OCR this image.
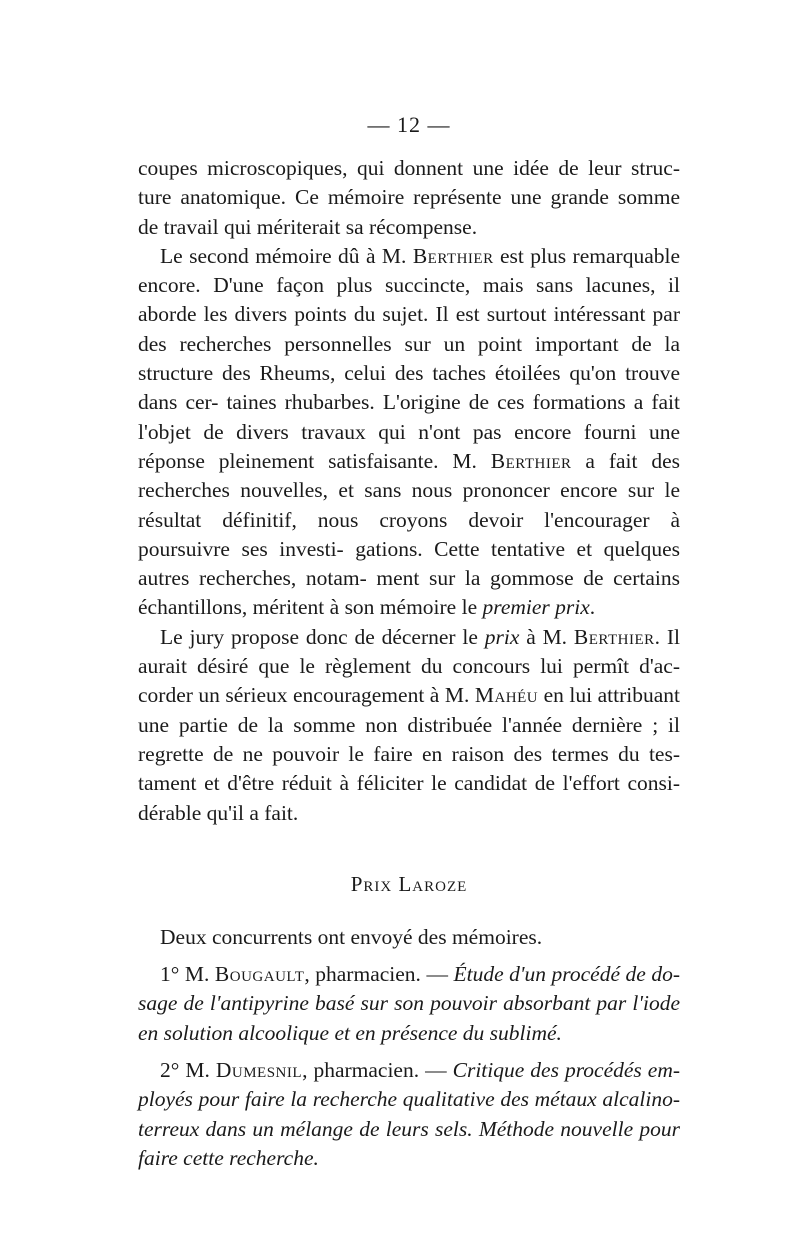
— 12 —

coupes microscopiques, qui donnent une idée de leur struc- ture anatomique. Ce mémoire représente une grande somme de travail qui mériterait sa récompense.

Le second mémoire dû à M. Berthier est plus remarquable encore. D'une façon plus succincte, mais sans lacunes, il aborde les divers points du sujet. Il est surtout intéressant par des recherches personnelles sur un point important de la structure des Rheums, celui des taches étoilées qu'on trouve dans cer- taines rhubarbes. L'origine de ces formations a fait l'objet de divers travaux qui n'ont pas encore fourni une réponse pleinement satisfaisante. M. Berthier a fait des recherches nouvelles, et sans nous prononcer encore sur le résultat définitif, nous croyons devoir l'encourager à poursuivre ses investi- gations. Cette tentative et quelques autres recherches, notam- ment sur la gommose de certains échantillons, méritent à son mémoire le premier prix.

Le jury propose donc de décerner le prix à M. Berthier. Il aurait désiré que le règlement du concours lui permît d'ac- corder un sérieux encouragement à M. Mahéu en lui attribuant une partie de la somme non distribuée l'année dernière ; il regrette de ne pouvoir le faire en raison des termes du tes- tament et d'être réduit à féliciter le candidat de l'effort consi- dérable qu'il a fait.

Prix Laroze

Deux concurrents ont envoyé des mémoires.

1° M. Bougault, pharmacien. — Étude d'un procédé de do- sage de l'antipyrine basé sur son pouvoir absorbant par l'iode en solution alcoolique et en présence du sublimé.

2° M. Dumesnil, pharmacien. — Critique des procédés em- ployés pour faire la recherche qualitative des métaux alcalino- terreux dans un mélange de leurs sels. Méthode nouvelle pour faire cette recherche.
